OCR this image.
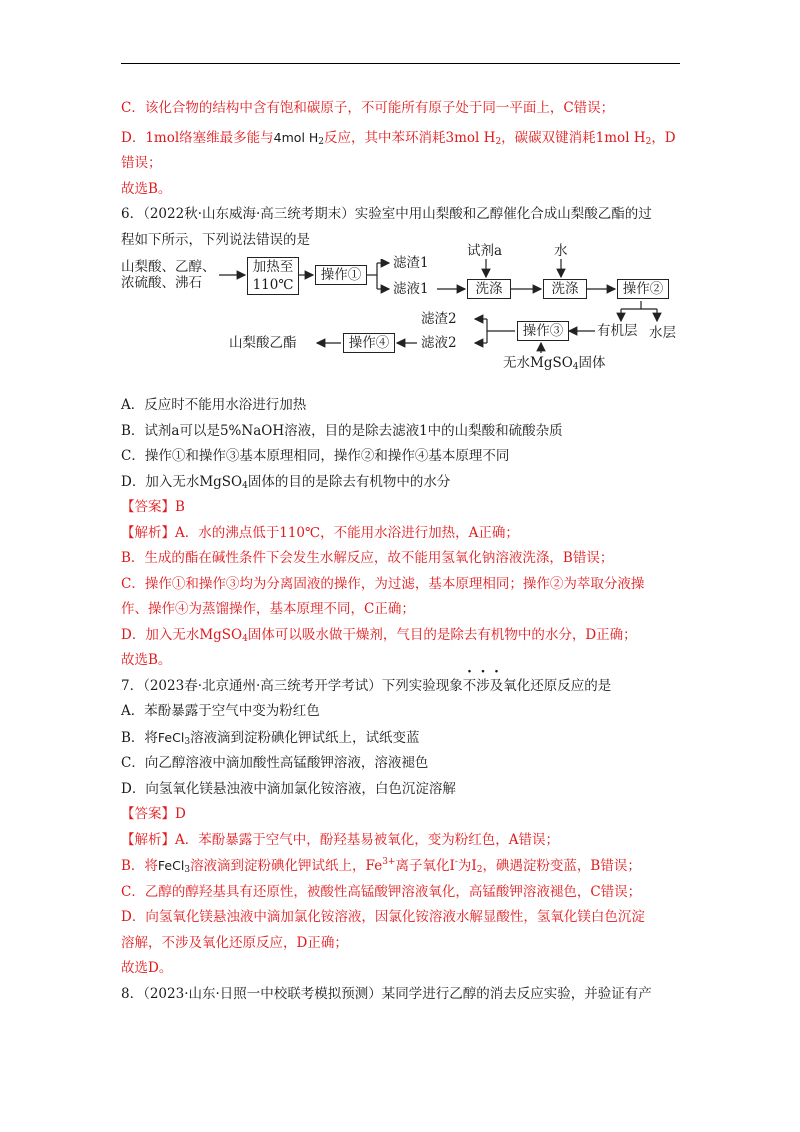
C．该化合物的结构中含有饱和碳原子，不可能所有原子处于同一平面上，C错误；
D．1mol络塞维最多能与4mol $H_2$反应，其中苯环消耗3mol $H_2$，碳碳双键消耗1mol $H_2$，D
错误；
故选B。
6．（2022秋·山东威海·高三统考期末）实验室中用山梨酸和乙醇催化合成山梨酸乙酯的过
程如下所示，下列说法错误的是
山梨酸、乙醇、
浓硫酸、沸石
加热至
110℃
操作①
滤渣1
滤液1
试剂a
洗涤
水
洗涤	操作②
滤渣2
操作③	有机层 水层
无水MgSO$_4$固体
山梨酸乙酯	操作④	滤液2
A．反应时不能用水浴进行加热
B．试剂a可以是5%NaOH溶液，目的是除去滤液1中的山梨酸和硫酸杂质
C．操作①和操作③基本原理相同，操作②和操作④基本原理不同
D．加入无水MgSO$_4$固体的目的是除去有机物中的水分
【答案】B
【解析】A．水的沸点低于110℃，不能用水浴进行加热，A正确；
B．生成的酯在碱性条件下会发生水解反应，故不能用氢氧化钠溶液洗涤，B错误；
C．操作①和操作③均为分离固液的操作，为过滤，基本原理相同；操作②为萃取分液操
作、操作④为蒸馏操作，基本原理不同，C正确；
D．加入无水MgSO$_4$固体可以吸水做干燥剂，气目的是除去有机物中的水分，D正确；
故选B。
7．（2023春·北京通州·高三统考开学考试）下列实验现象不涉及氧化还原反应的是
A．苯酚暴露于空气中变为粉红色
B．将FeCl$_3$溶液滴到淀粉碘化钾试纸上，试纸变蓝
C．向乙醇溶液中滴加酸性高锰酸钾溶液，溶液褪色
D．向氢氧化镁悬浊液中滴加氯化铵溶液，白色沉淀溶解
【答案】D
【解析】A．苯酚暴露于空气中，酚羟基易被氧化，变为粉红色，A错误；
B．将FeCl$_3$溶液滴到淀粉碘化钾试纸上，$Fe^{3+}$离子氧化I-为$I_2$，碘遇淀粉变蓝，B错误；
C．乙醇的醇羟基具有还原性，被酸性高锰酸钾溶液氧化，高锰酸钾溶液褪色，C错误；
D．向氢氧化镁悬浊液中滴加氯化铵溶液，因氯化铵溶液水解显酸性，氢氧化镁白色沉淀
溶解，不涉及氧化还原反应，D正确；
故选D。
8．（2023·山东·日照一中校联考模拟预测）某同学进行乙醇的消去反应实验，并验证有产
